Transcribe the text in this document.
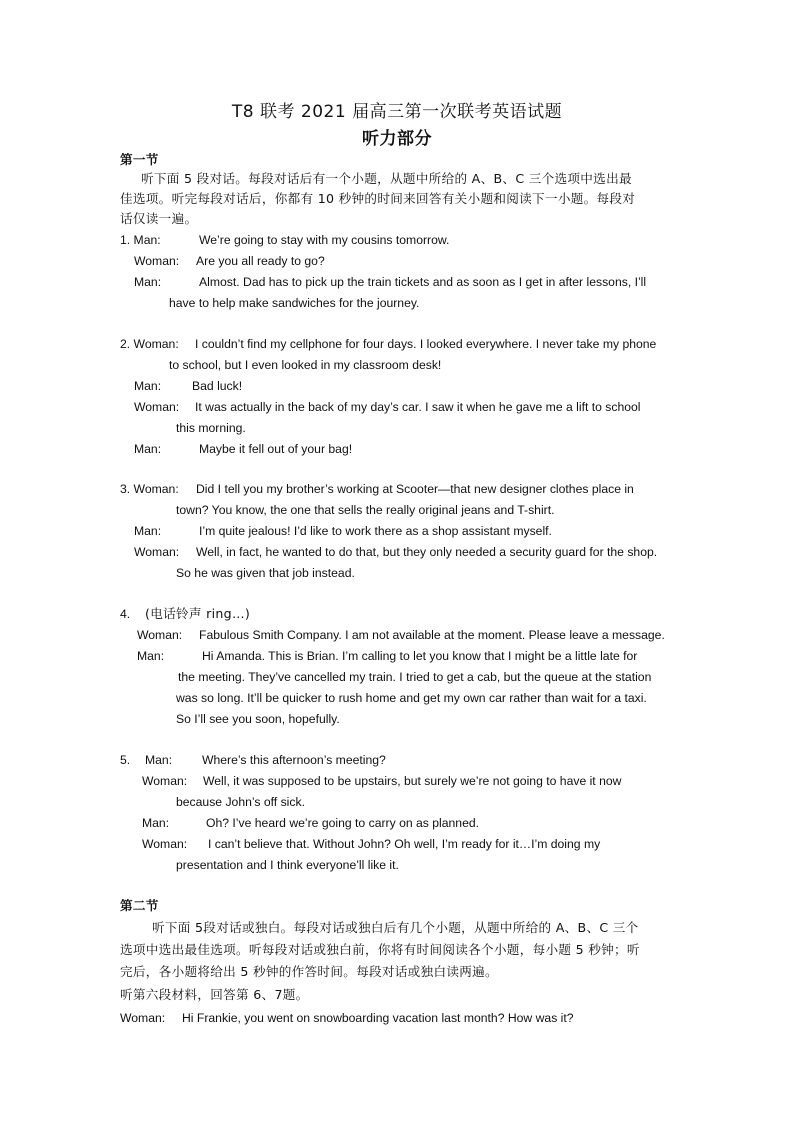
T8 联考 2021 届高三第一次联考英语试题
听力部分
第一节
听下面 5 段对话。每段对话后有一个小题，从题中所给的 A、B、C 三个选项中选出最
佳选项。听完每段对话后，你都有 10 秒钟的时间来回答有关小题和阅读下一小题。每段对
话仅读一遍。
1. Man:	We’re going to stay with my cousins tomorrow.
Woman: Are you all ready to go?
Man:	Almost. Dad has to pick up the train tickets and as soon as I get in after lessons, I’ll
have to help make sandwiches for the journey.
2. Woman: I couldn’t find my cellphone for four days. I looked everywhere. I never take my phone
to school, but I even looked in my classroom desk!
Man:	Bad luck!
Woman: It was actually in the back of my day’s car. I saw it when he gave me a lift to school
this morning.
Man:	Maybe it fell out of your bag!
3. Woman: Did I tell you my brother’s working at Scooter—that new designer clothes place in
town? You know, the one that sells the really original jeans and T-shirt.
Man:	I’m quite jealous! I’d like to work there as a shop assistant myself.
Woman: Well, in fact, he wanted to do that, but they only needed a security guard for the shop.
So he was given that job instead.
4. (电话铃声 ring…)
Woman: Fabulous Smith Company. I am not available at the moment. Please leave a message.
Man:	Hi Amanda. This is Brian. I’m calling to let you know that I might be a little late for
the meeting. They’ve cancelled my train. I tried to get a cab, but the queue at the station
was so long. It’ll be quicker to rush home and get my own car rather than wait for a taxi.
So I’ll see you soon, hopefully.
5. Man: Where’s this afternoon’s meeting?
Woman: Well, it was supposed to be upstairs, but surely we’re not going to have it now
because John’s off sick.
Man:	Oh? I’ve heard we’re going to carry on as planned.
Woman: I can’t believe that. Without John? Oh well, I’m ready for it…I’m doing my
presentation and I think everyone’ll like it.
第二节
听下面 5段对话或独白。每段对话或独白后有几个小题，从题中所给的 A、B、C 三个
选项中选出最佳选项。听每段对话或独白前，你将有时间阅读各个小题，每小题 5 秒钟；听
完后，各小题将给出 5 秒钟的作答时间。每段对话或独白读两遍。
听第六段材料，回答第 6、7题。
Woman: Hi Frankie, you went on snowboarding vacation last month? How was it?
